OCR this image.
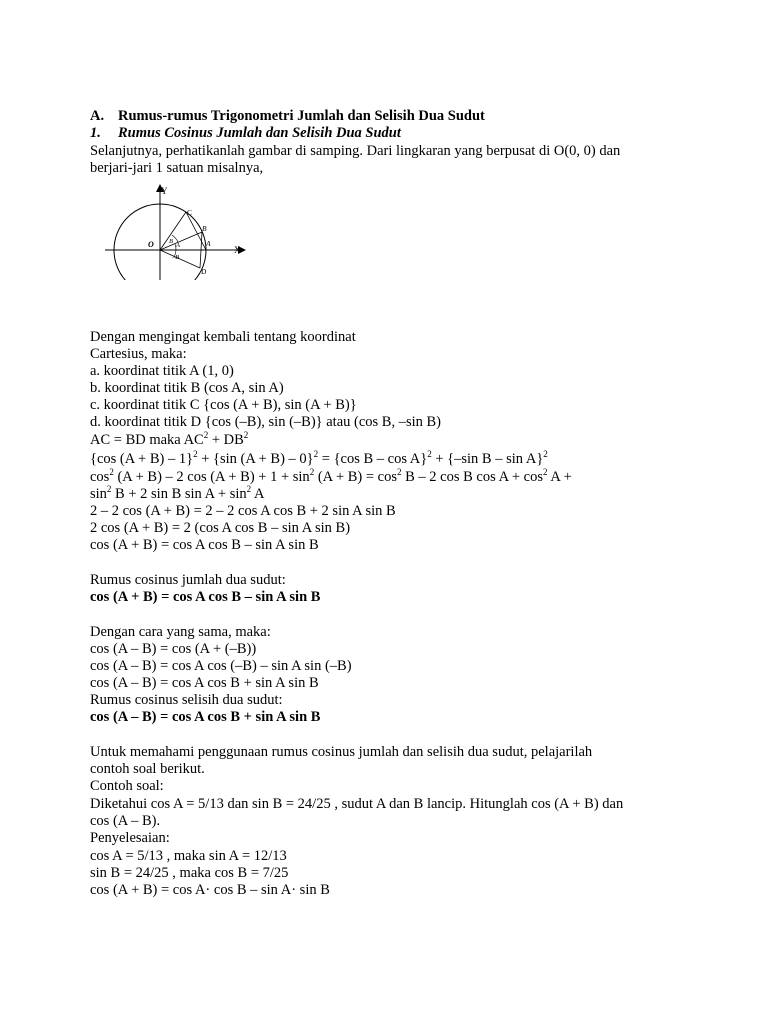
A. Rumus-rumus Trigonometri Jumlah dan Selisih Dua Sudut
1. Rumus Cosinus Jumlah dan Selisih Dua Sudut
Selanjutnya, perhatikanlah gambar di samping. Dari lingkaran yang berpusat di O(0, 0) dan
berjari-jari 1 satuan misalnya,
Y
X
O
C
B
A
D
B
A
–B
Dengan mengingat kembali tentang koordinat
Cartesius, maka:
a. koordinat titik A (1, 0)
b. koordinat titik B (cos A, sin A)
c. koordinat titik C {cos (A + B), sin (A + B)}
d. koordinat titik D {cos (–B), sin (–B)} atau (cos B, –sin B)
AC = BD maka $AC^2 + DB^2$
{cos (A + B) – 1}$^2$ + {sin (A + B) – 0}$^2$ = {cos B – cos A}$^2$ + {–sin B – sin A}$^2$
$\cos^2 (A + B) - 2$ $\cos (A + B) + 1 + \sin^2 (A + B) = \cos^2 B - 2$ cos B $\cos A + \cos^2 A$ +
$\sin^2 B + 2$ sin B $\sin A + \sin^2 A$
2 – 2 cos (A + B) = 2 – 2 cos A cos B + 2 sin A sin B
2 cos (A + B) = 2 (cos A cos B – sin A sin B)
cos (A + B) = cos A cos B – sin A sin B
Rumus cosinus jumlah dua sudut:
cos (A + B) = cos A cos B – sin A sin B
Dengan cara yang sama, maka:
cos (A – B) = cos (A + (–B))
cos (A – B) = cos A cos (–B) – sin A sin (–B)
cos (A – B) = cos A cos B + sin A sin B
Rumus cosinus selisih dua sudut:
cos (A – B) = cos A cos B + sin A sin B
Untuk memahami penggunaan rumus cosinus jumlah dan selisih dua sudut, pelajarilah
contoh soal berikut.
Contoh soal:
Diketahui cos A = 5/13 dan sin B = 24/25 , sudut A dan B lancip. Hitunglah cos (A + B) dan
cos (A – B).
Penyelesaian:
cos A = 5/13 , maka sin A = 12/13
sin B = 24/25 , maka cos B = 7/25
cos (A + B) = cos A· cos B – sin A· sin B
